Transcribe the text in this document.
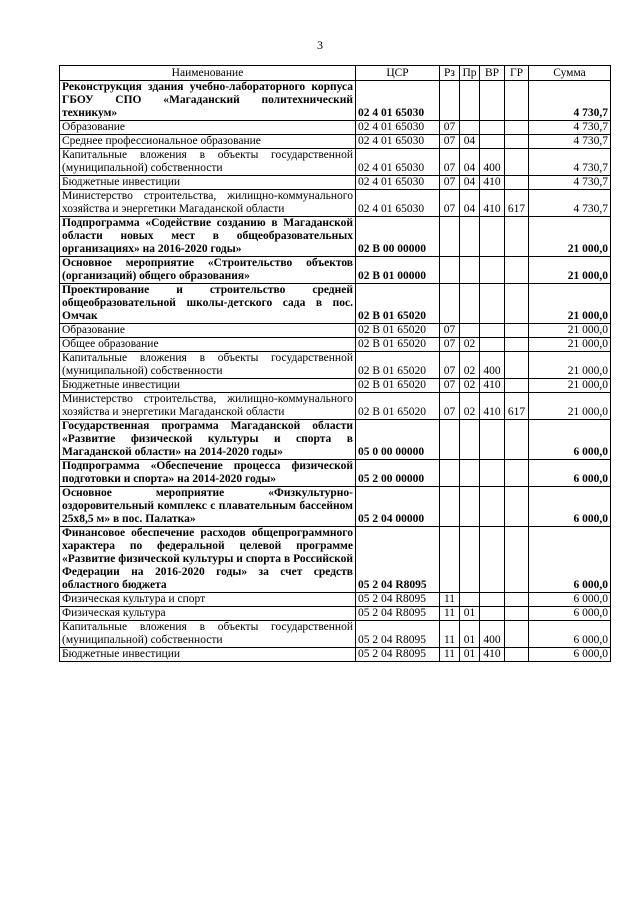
3
Наименование	ЦСР	Рз	Пр	ВР	ГР	Сумма
Реконструкция здания учебно-лабораторного корпуса ГБОУ СПО «Магаданский политехнический техникум»	02 4 01 65030					4 730,7
Образование	02 4 01 65030	07				4 730,7
Среднее профессиональное образование	02 4 01 65030	07	04			4 730,7
Капитальные вложения в объекты государственной (муниципальной) собственности	02 4 01 65030	07	04	400		4 730,7
Бюджетные инвестиции	02 4 01 65030	07	04	410		4 730,7
Министерство строительства, жилищно-коммунального хозяйства и энергетики Магаданской области	02 4 01 65030	07	04	410	617	4 730,7
Подпрограмма «Содействие созданию в Магаданской области новых мест в общеобразовательных организациях» на 2016-2020 годы»	02 В 00 00000					21 000,0
Основное мероприятие «Строительство объектов (организаций) общего образования»	02 В 01 00000					21 000,0
Проектирование и строительство средней общеобразовательной школы-детского сада в пос. Омчак	02 В 01 65020					21 000,0
Образование	02 В 01 65020	07				21 000,0
Общее образование	02 В 01 65020	07	02			21 000,0
Капитальные вложения в объекты государственной (муниципальной) собственности	02 В 01 65020	07	02	400		21 000,0
Бюджетные инвестиции	02 В 01 65020	07	02	410		21 000,0
Министерство строительства, жилищно-коммунального хозяйства и энергетики Магаданской области	02 В 01 65020	07	02	410	617	21 000,0
Государственная программа Магаданской области «Развитие физической культуры и спорта в Магаданской области» на 2014-2020 годы»	05 0 00 00000					6 000,0
Подпрограмма «Обеспечение процесса физической подготовки и спорта» на 2014-2020 годы»	05 2 00 00000					6 000,0
Основное мероприятие «Физкультурно-оздоровительный комплекс с плавательным бассейном 25х8,5 м» в пос. Палатка»	05 2 04 00000					6 000,0
Финансовое обеспечение расходов общепрограммного характера по федеральной целевой программе «Развитие физической культуры и спорта в Российской Федерации на 2016-2020 годы» за счет средств областного бюджета	05 2 04 R8095					6 000,0
Физическая культура и спорт	05 2 04 R8095	11				6 000,0
Физическая культура	05 2 04 R8095	11	01			6 000,0
Капитальные вложения в объекты государственной (муниципальной) собственности	05 2 04 R8095	11	01	400		6 000,0
Бюджетные инвестиции	05 2 04 R8095	11	01	410		6 000,0
